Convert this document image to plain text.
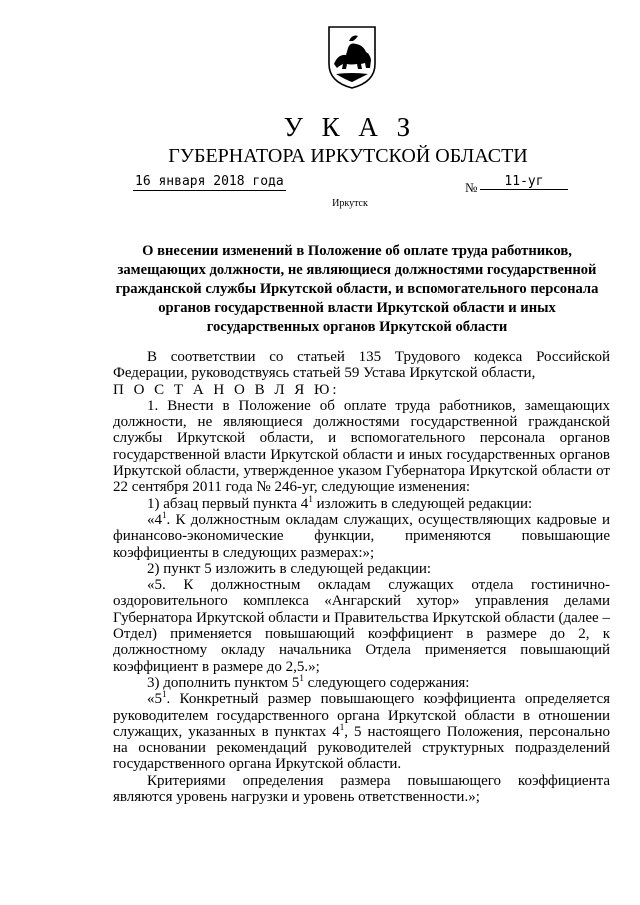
У К А З
ГУБЕРНАТОРА ИРКУТСКОЙ ОБЛАСТИ
16 января 2018 года	№	11-уг
Иркутск
О внесении изменений в Положение об оплате труда работников, замещающих должности, не являющиеся должностями государственной гражданской службы Иркутской области, и вспомогательного персонала органов государственной власти Иркутской области и иных государственных органов Иркутской области

В соответствии со статьей 135 Трудового кодекса Российской Федерации, руководствуясь статьей 59 Устава Иркутской области,

П О С Т А Н О В Л Я Ю:

1. Внести в Положение об оплате труда работников, замещающих должности, не являющиеся должностями государственной гражданской службы Иркутской области, и вспомогательного персонала органов государственной власти Иркутской области и иных государственных органов Иркутской области, утвержденное указом Губернатора Иркутской области от 22 сентября 2011 года № 246-уг, следующие изменения:

1) абзац первый пункта $4^1$ изложить в следующей редакции:

«$4^1$. К должностным окладам служащих, осуществляющих кадровые и финансово-экономические функции, применяются повышающие коэффициенты в следующих размерах:»;

2) пункт 5 изложить в следующей редакции:

«5. К должностным окладам служащих отдела гостинично-оздоровительного комплекса «Ангарский хутор» управления делами Губернатора Иркутской области и Правительства Иркутской области (далее – Отдел) применяется повышающий коэффициент в размере до 2, к должностному окладу начальника Отдела применяется повышающий коэффициент в размере до 2,5.»;

3) дополнить пунктом $5^1$ следующего содержания:

«$5^1$. Конкретный размер повышающего коэффициента определяется руководителем государственного органа Иркутской области в отношении служащих, указанных в пунктах $4^1$, 5 настоящего Положения, персонально на основании рекомендаций руководителей структурных подразделений государственного органа Иркутской области.

Критериями определения размера повышающего коэффициента являются уровень нагрузки и уровень ответственности.»;
